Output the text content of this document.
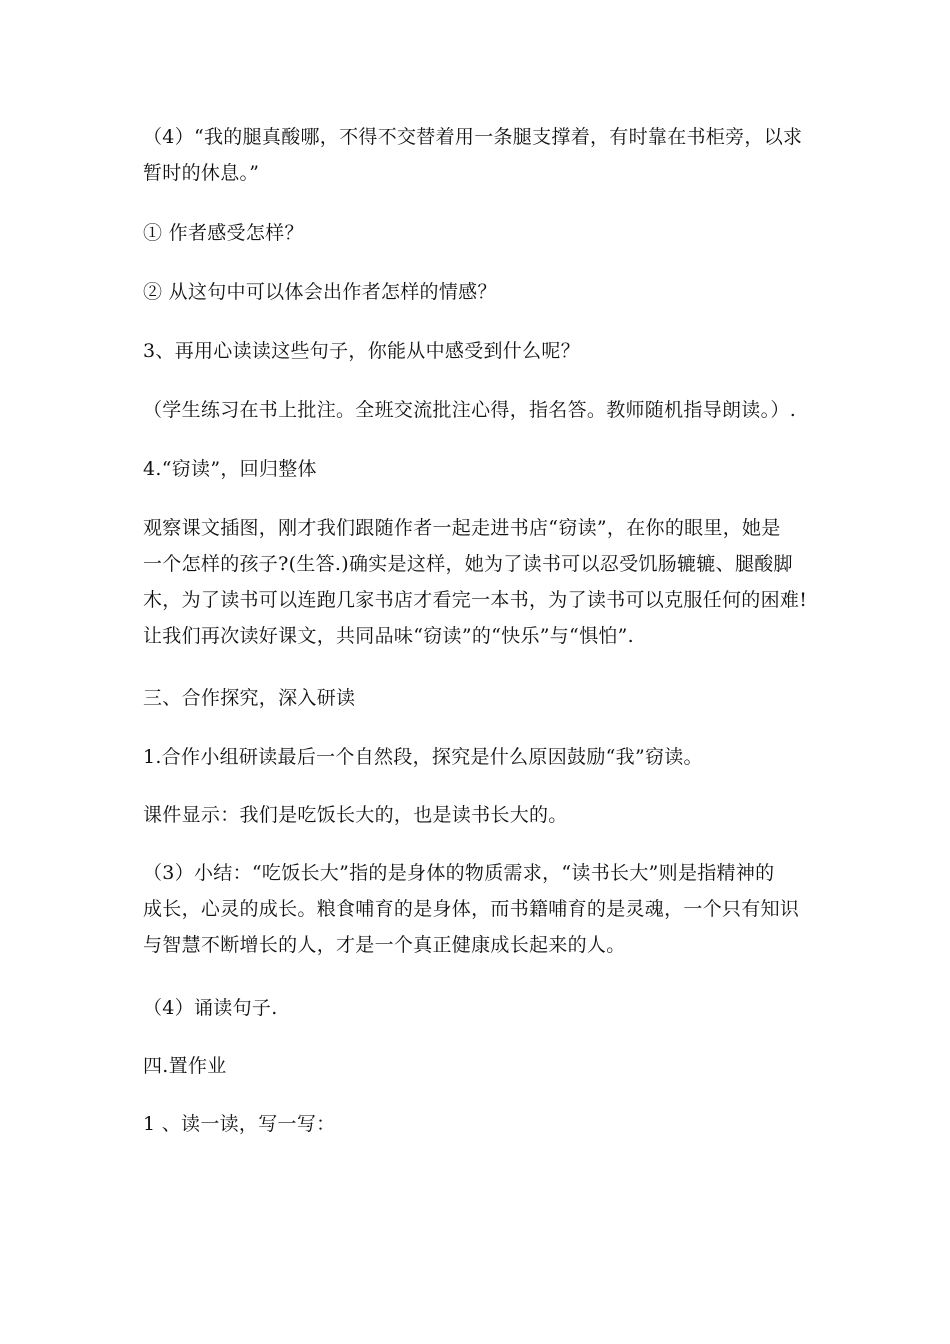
（4）“我的腿真酸哪，不得不交替着用一条腿支撑着，有时靠在书柜旁，以求
暂时的休息。”

① 作者感受怎样？

② 从这句中可以体会出作者怎样的情感？

3、再用心读读这些句子，你能从中感受到什么呢？

（学生练习在书上批注。全班交流批注心得，指名答。教师随机指导朗读。）.

4.“窃读”，回归整体

观察课文插图，刚才我们跟随作者一起走进书店“窃读”，在你的眼里，她是
一个怎样的孩子?(生答.)确实是这样，她为了读书可以忍受饥肠辘辘、腿酸脚
木，为了读书可以连跑几家书店才看完一本书，为了读书可以克服任何的困难!
让我们再次读好课文，共同品味“窃读”的“快乐”与“惧怕”.

三、合作探究，深入研读

1.合作小组研读最后一个自然段，探究是什么原因鼓励“我”窃读。

课件显示：我们是吃饭长大的，也是读书长大的。

（3）小结：“吃饭长大”指的是身体的物质需求，“读书长大”则是指精神的
成长，心灵的成长。粮食哺育的是身体，而书籍哺育的是灵魂，一个只有知识
与智慧不断增长的人，才是一个真正健康成长起来的人。

（4）诵读句子.

四.置作业

1 、读一读，写一写：
